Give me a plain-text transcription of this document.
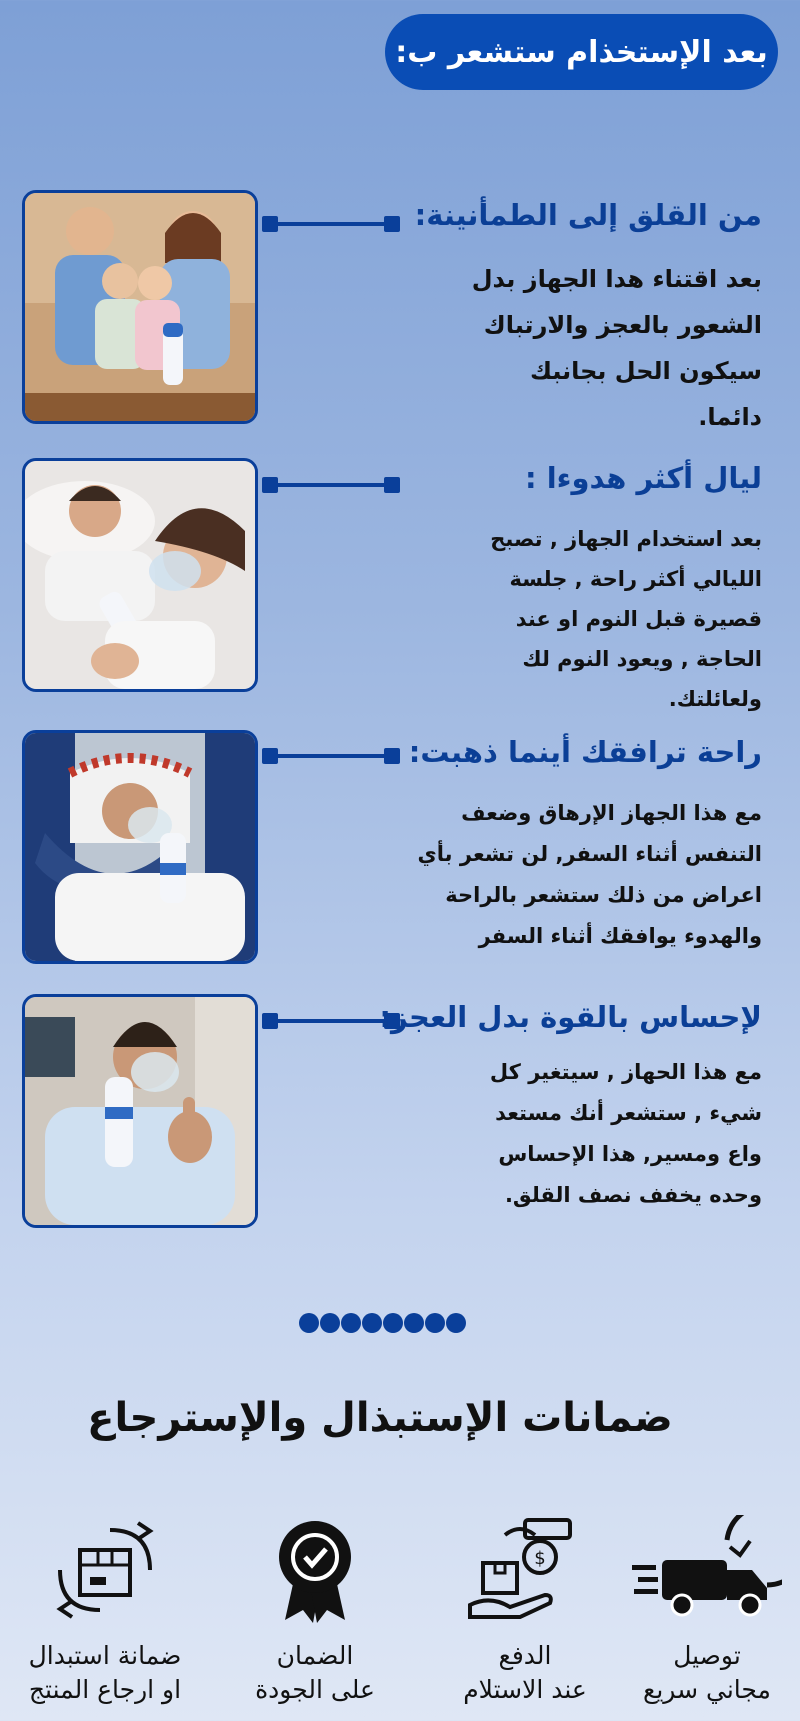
بعد الإستخذام ستشعر ب:
من القلق إلى الطمأنينة:
بعد اقتناء هدا الجهاز بدل
الشعور بالعجز والارتباك
سيكون الحل بجانبك
دائما.
ليال أكثر هدوءا :
بعد استخدام الجهاز , تصبح
الليالي أكثر راحة , جلسة
قصيرة قبل النوم او عند
الحاجة , ويعود النوم لك
ولعائلتك.
راحة ترافقك أينما ذهبت:
مع هذا الجهاز الإرهاق وضعف
التنفس أثناء السفر, لن تشعر بأي
اعراض من ذلك ستشعر بالراحة
والهدوء يوافقك أثناء السفر
لإحساس بالقوة بدل العجز:
مع هذا الحهاز , سيتغير كل
شيء , ستشعر أنك مستعد
واع ومسير, هذا الإحساس
وحده يخفف نصف القلق.
ضمانات الإستبذال والإسترجاع
توصيل
مجاني سريع
$
الدفع
عند الاستلام
الضمان
على الجودة
ضمانة استبدال
او ارجاع المنتج
